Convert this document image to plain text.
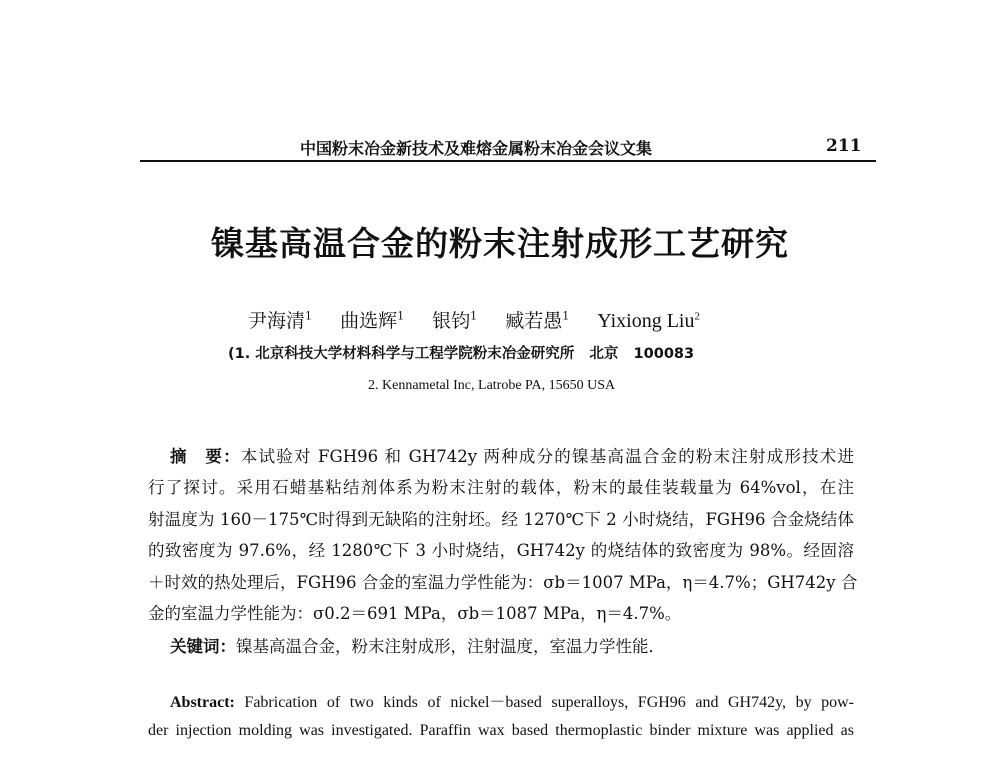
中国粉末冶金新技术及难熔金属粉末冶金会议文集	211
镍基高温合金的粉末注射成形工艺研究
尹海清$^1$ 曲选辉$^1$ 银钧$^1$ 臧若愚$^1$ Yixiong Liu$^2$
(1. 北京科技大学材料科学与工程学院粉末冶金研究所   北京   100083
2. Kennametal Inc, Latrobe PA, 15650 USA
摘　要：本试验对 FGH96 和 GH742y 两种成分的镍基高温合金的粉末注射成形技术进
行了探讨。采用石蜡基粘结剂体系为粉末注射的载体，粉末的最佳装载量为 64%vol，在注
射温度为 160－175℃时得到无缺陷的注射坯。经 1270℃下 2 小时烧结，FGH96 合金烧结体
的致密度为 97.6%，经 1280℃下 3 小时烧结，GH742y 的烧结体的致密度为 98%。经固溶
＋时效的热处理后，FGH96 合金的室温力学性能为：σb＝1007 MPa，η＝4.7%；GH742y 合
金的室温力学性能为：σ0.2＝691 MPa，σb＝1087 MPa，η＝4.7%。
关键词：镍基高温合金，粉末注射成形，注射温度，室温力学性能．
Abstract: Fabrication of two kinds of nickel－based superalloys, FGH96 and GH742y, by pow-
der injection molding was investigated. Paraffin wax based thermoplastic binder mixture was applied as
